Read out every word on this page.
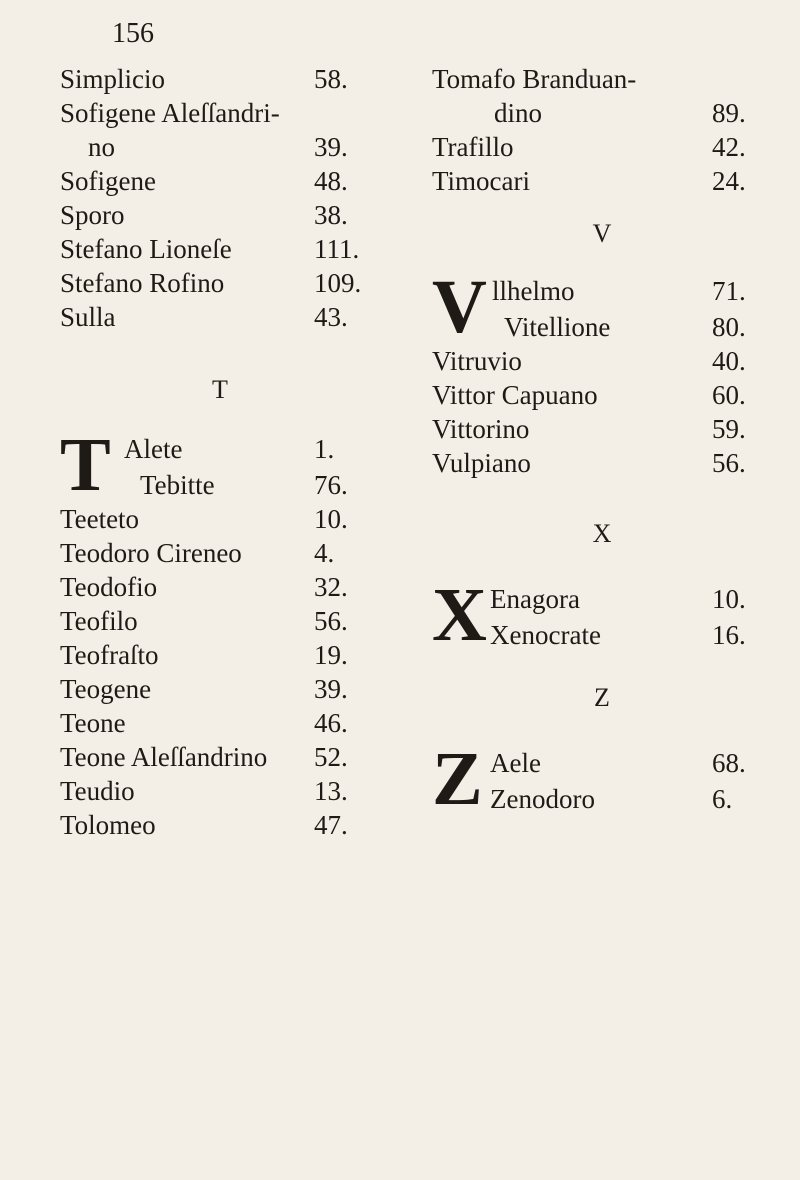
156
Simplicio	58.
Sofigene Aleſſandri-
no	39.
Sofigene	48.
Sporo	38.
Stefano Lioneſe	111.
Stefano Rofino	109.
Sulla	43.
T
T Alete	1.
Tebitte	76.
Teeteto	10.
Teodoro Cireneo	4.
Teodofio	32.
Teofilo	56.
Teofraſto	19.
Teogene	39.
Teone	46.
Teone Aleſſandrino 52.
Teudio	13.
Tolomeo	47.
Tomafo Branduan-
dino	89.
Trafillo	42.
Timocari	24.
V
V llhelmo	71.
Vitellione	80.
Vitruvio	40.
Vittor Capuano	60.
Vittorino	59.
Vulpiano	56.
X
X Enagora	10.
Xenocrate	16.
Z
Z Aele	68.
Zenodoro	6.
